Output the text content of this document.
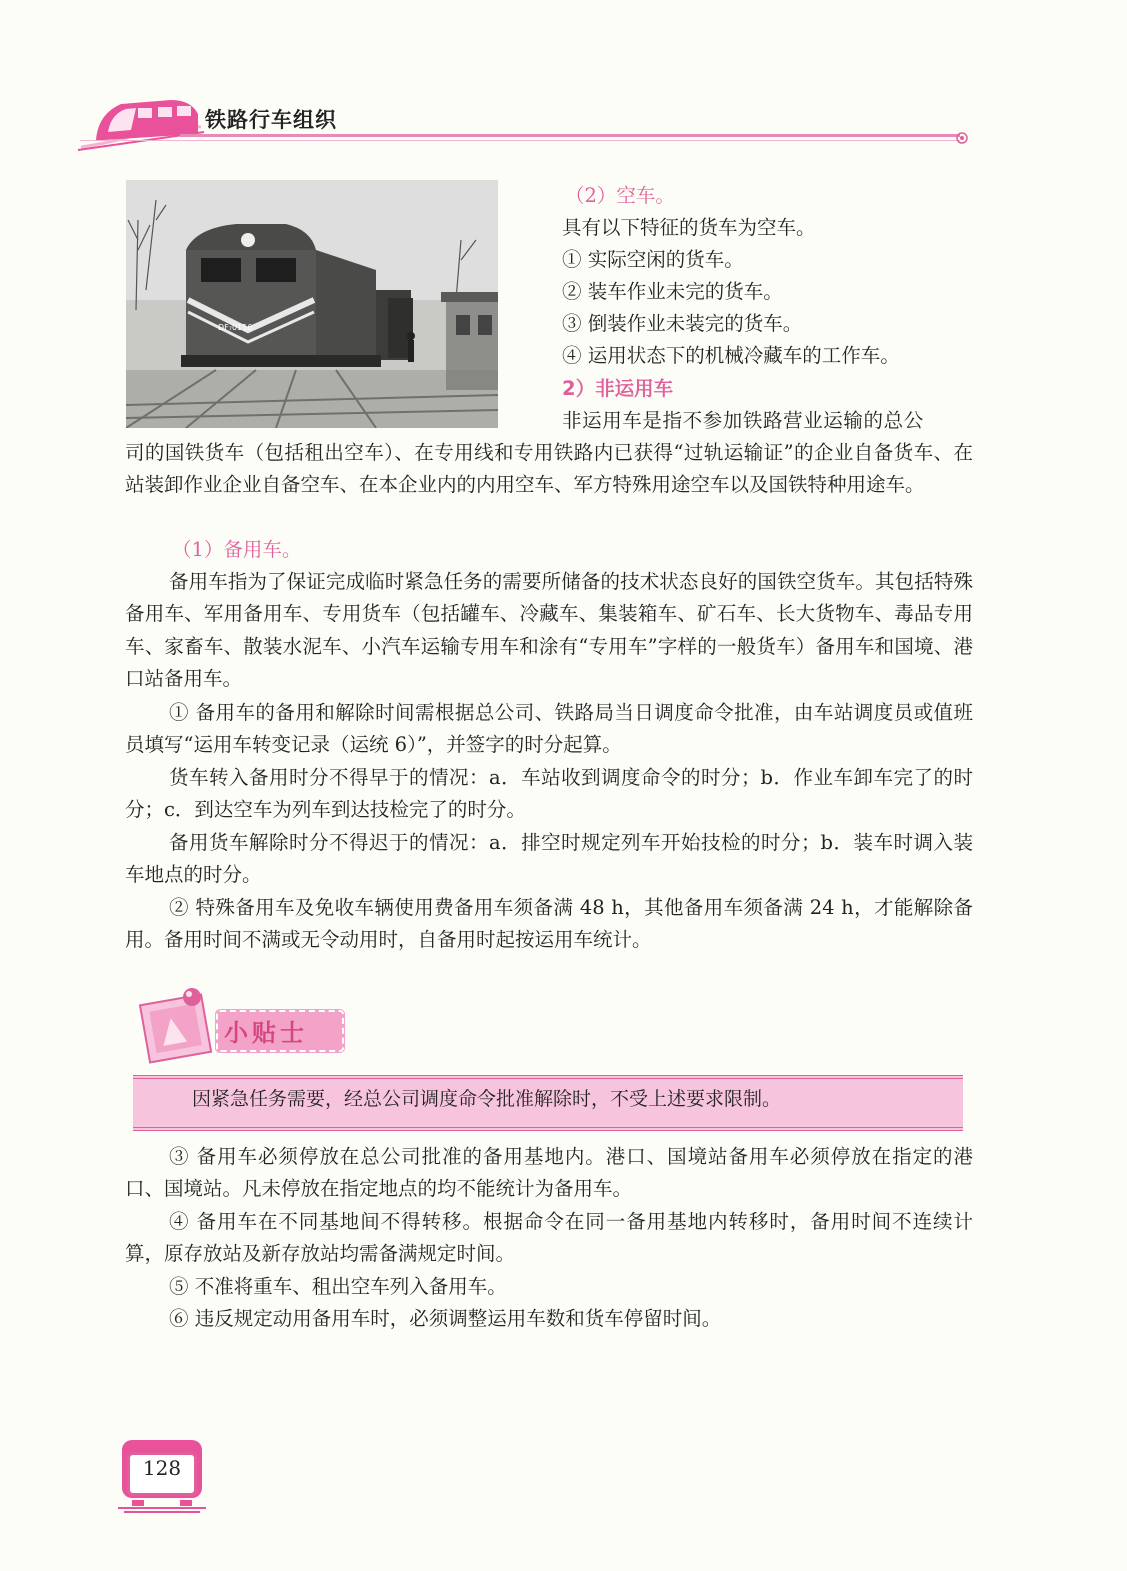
铁路行车组织
DF₇0156
（2）空车。
具有以下特征的货车为空车。
① 实际空闲的货车。
② 装车作业未完的货车。
③ 倒装作业未装完的货车。
④ 运用状态下的机械冷藏车的工作车。
2）非运用车
非运用车是指不参加铁路营业运输的总公
司的国铁货车（包括租出空车）、在专用线和专用铁路内已获得“过轨运输证”的企业自备货车、在站装卸作业企业自备空车、在本企业内的内用空车、军方特殊用途空车以及国铁特种用途车。
（1）备用车。
备用车指为了保证完成临时紧急任务的需要所储备的技术状态良好的国铁空货车。其包括特殊备用车、军用备用车、专用货车（包括罐车、冷藏车、集装箱车、矿石车、长大货物车、毒品专用车、家畜车、散装水泥车、小汽车运输专用车和涂有“专用车”字样的一般货车）备用车和国境、港口站备用车。
① 备用车的备用和解除时间需根据总公司、铁路局当日调度命令批准，由车站调度员或值班员填写“运用车转变记录（运统 6）”，并签字的时分起算。
货车转入备用时分不得早于的情况：a．车站收到调度命令的时分；b．作业车卸车完了的时分；c．到达空车为列车到达技检完了的时分。
备用货车解除时分不得迟于的情况：a．排空时规定列车开始技检的时分；b．装车时调入装车地点的时分。
② 特殊备用车及免收车辆使用费备用车须备满 48 h，其他备用车须备满 24 h，才能解除备用。备用时间不满或无令动用时，自备用时起按运用车统计。
小贴士
因紧急任务需要，经总公司调度命令批准解除时，不受上述要求限制。
③ 备用车必须停放在总公司批准的备用基地内。港口、国境站备用车必须停放在指定的港口、国境站。凡未停放在指定地点的均不能统计为备用车。
④ 备用车在不同基地间不得转移。根据命令在同一备用基地内转移时，备用时间不连续计算，原存放站及新存放站均需备满规定时间。
⑤ 不准将重车、租出空车列入备用车。
⑥ 违反规定动用备用车时，必须调整运用车数和货车停留时间。
128
